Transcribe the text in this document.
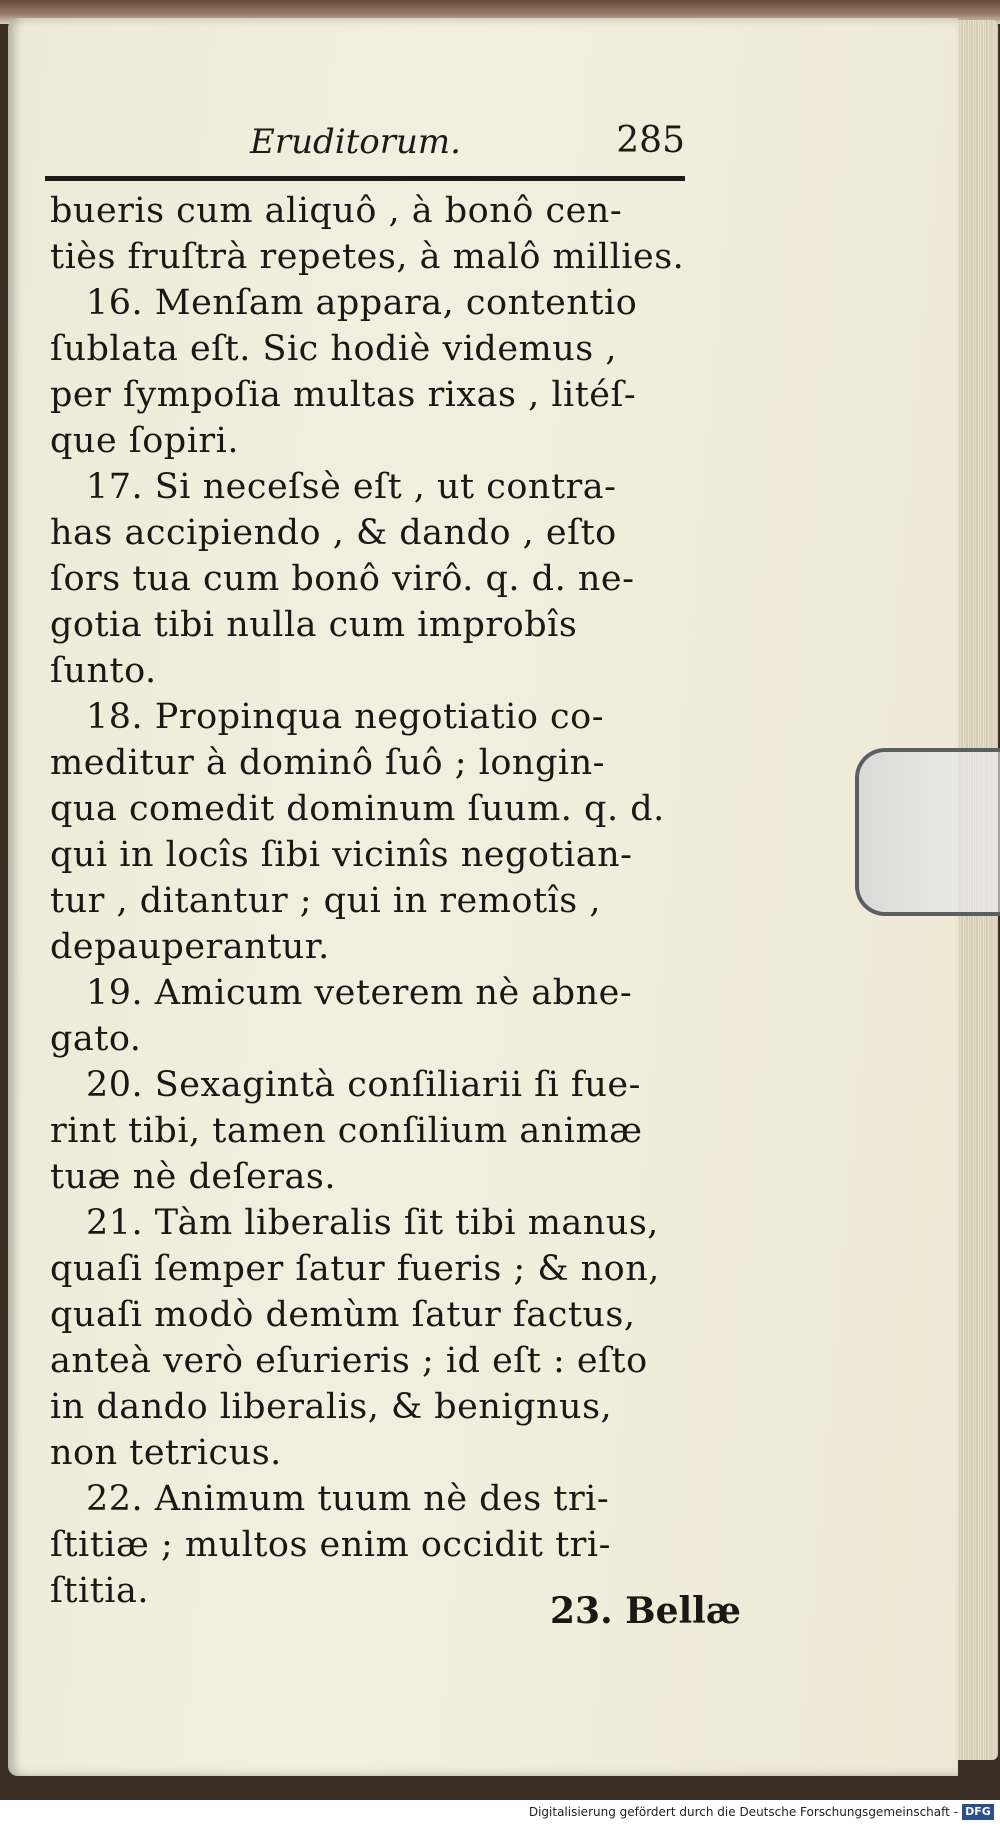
Eruditorum.	285
bueris cum aliquô , à bonô cen-
tiès fruſtrà repetes, à malô millies.
16. Menſam appara, contentio
ſublata eſt. Sic hodiè videmus ,
per ſympoſia multas rixas , litéſ-
que ſopiri.
17. Si neceſsè eſt , ut contra-
has accipiendo , & dando , eſto
ſors tua cum bonô virô. q. d. ne-
gotia tibi nulla cum improbîs
ſunto.
18. Propinqua negotiatio co-
meditur à dominô ſuô ; longin-
qua comedit dominum ſuum. q. d.
qui in locîs ſibi vicinîs negotian-
tur , ditantur ; qui in remotîs ,
depauperantur.
19. Amicum veterem nè abne-
gato.
20. Sexagintà conſiliarii ſi fue-
rint tibi, tamen conſilium animæ
tuæ nè deſeras.
21. Tàm liberalis ſit tibi manus,
quaſi ſemper ſatur fueris ; & non,
quaſi modò demùm ſatur factus,
anteà verò eſurieris ; id eſt : eſto
in dando liberalis, & benignus,
non tetricus.
22. Animum tuum nè des tri-
ſtitiæ ; multos enim occidit tri-
ſtitia.	23. Bellæ
Digitalisierung gefördert durch die Deutsche Forschungsgemeinschaft - DFG
